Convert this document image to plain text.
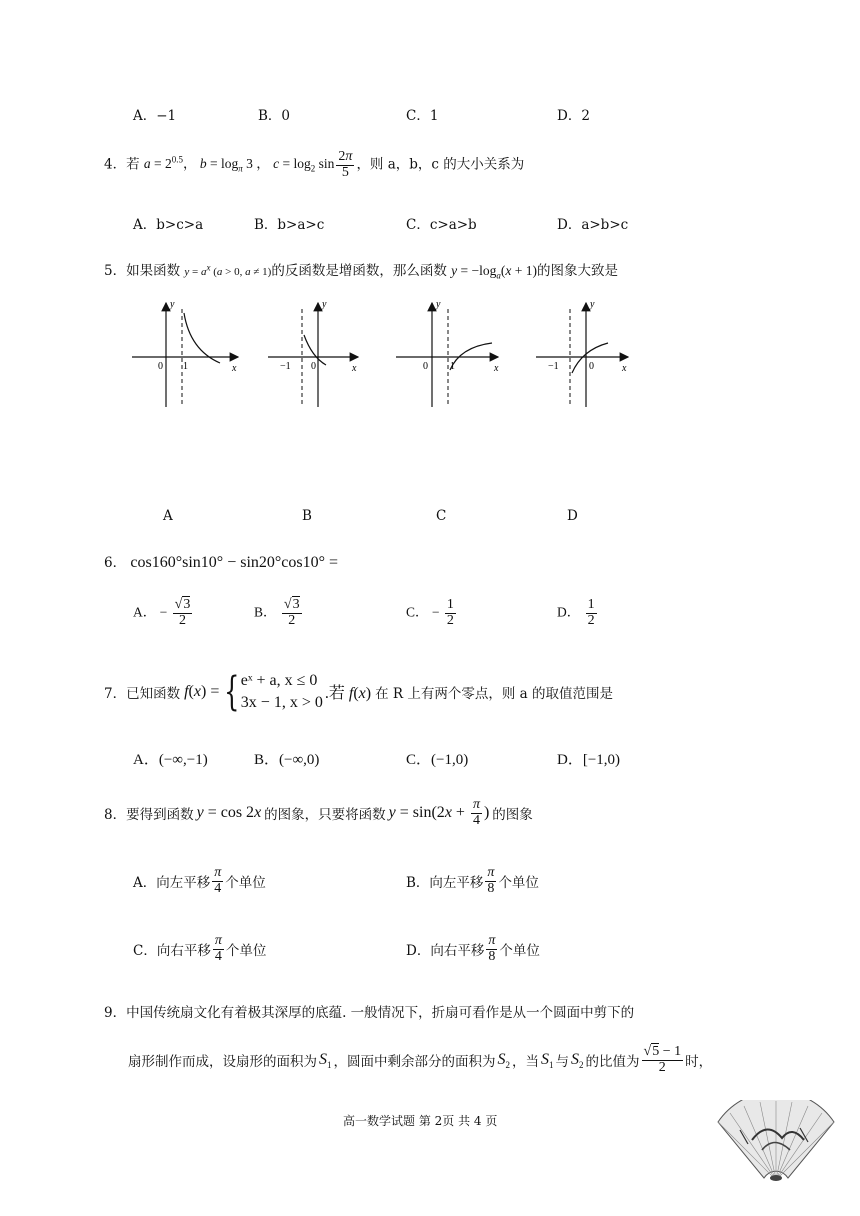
A．−1	B．0	C．1	D．2
4．若 $a = 2^{0.5}$， $b = \log_\pi 3$ ， $c = \log_2 \sin \frac{2\pi}{5}$ ，则 a，b，c 的大小关系为
A．b>c>a	B．b>a>c	C．c>a>b	D．a>b>c
5．如果函数 $y = a^x$ (a > 0, a ≠ 1)的反函数是增函数，那么函数 $y = -\log_a(x + 1)$的图象大致是
y
x
0 1
y
x
−1 0
y
x
0 1
y
x
−1	0
A	B	C	D
6． cos160°sin10° − sin20°cos10° =
A． − $\frac{√3}{2}$	B． $\frac{√3}{2}$	C． − $\frac{1}{2}$	D． $\frac{1}{2}$
7． 已知函数 f(x) = { eˣ + a, x ≤ 0
3x − 1, x > 0 .若 f(x) 在 R 上有两个零点，则 a 的取值范围是
A．(−∞,−1)	B．(−∞,0)	C．(−1,0)	D．[−1,0)
8． 要得到函数 y = cos 2x 的图象，只要将函数 $y = \sin(2x + \frac{\pi}{4}$ ) 的图象
A． 向左平移 $\frac{\pi}{4}$ 个单位	B． 向左平移 $\frac{\pi}{8}$ 个单位
C． 向右平移 $\frac{\pi}{4}$ 个单位	D． 向右平移 $\frac{\pi}{8}$ 个单位
9．中国传统扇文化有着极其深厚的底蕴. 一般情况下，折扇可看作是从一个圆面中剪下的
扇形制作而成，设扇形的面积为 $S_1$ ，圆面中剩余部分的面积为 $S_2$ ，当 $S_1$ 与 $S_2$ 的比值为 $\frac{√5 - 1}{2}$ 时，
高一数学试题 第 2页 共 4 页
